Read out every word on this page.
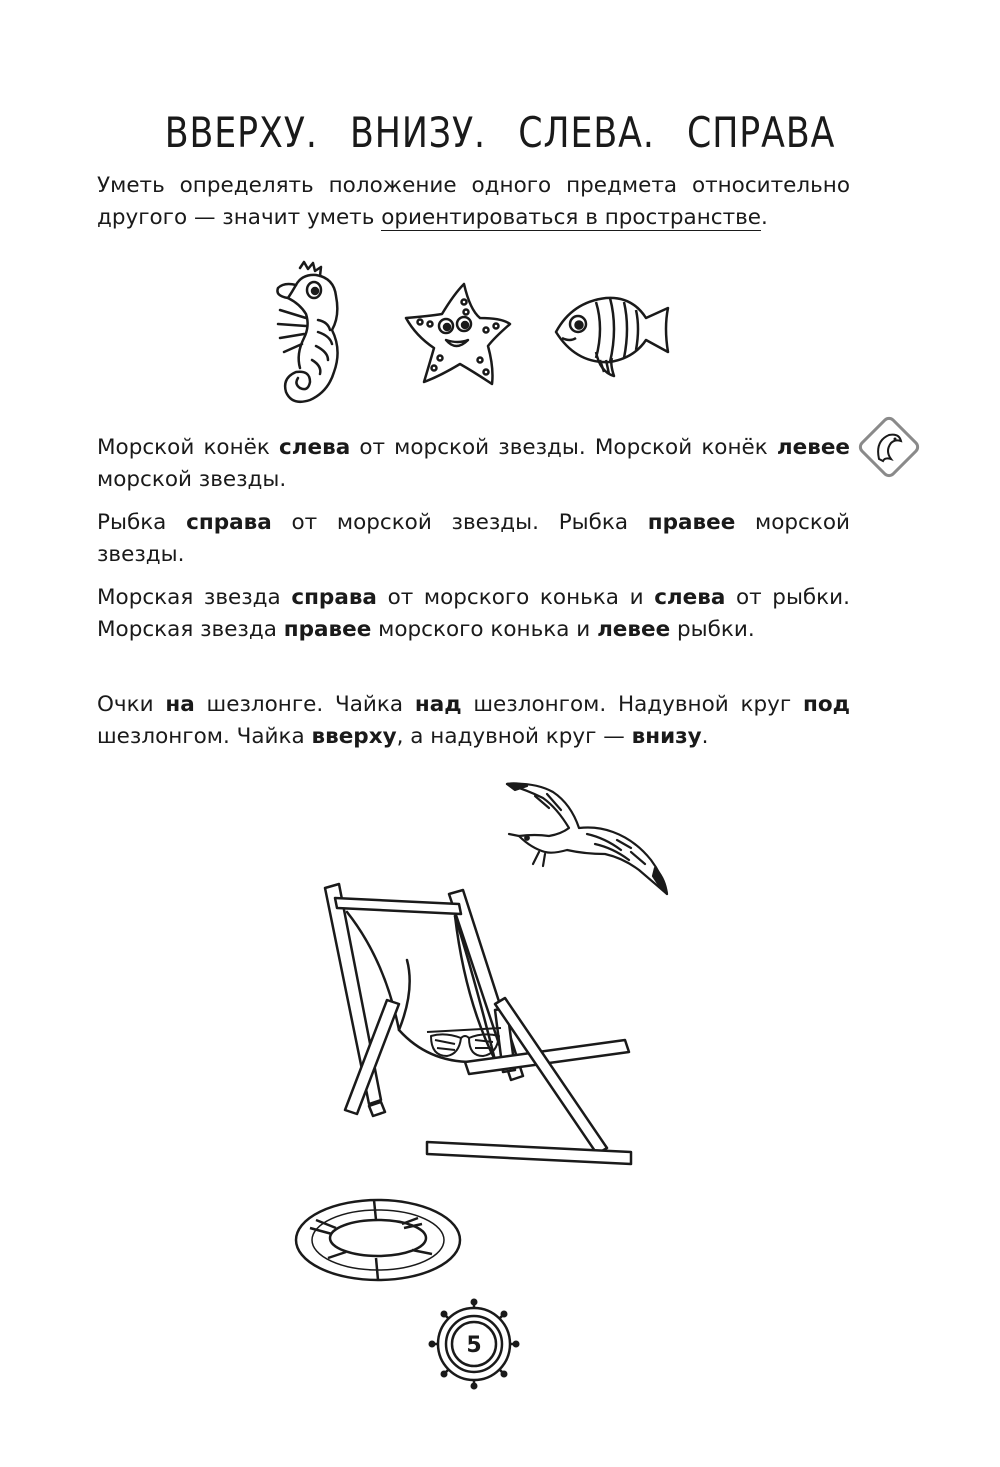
ВВЕРХУ. ВНИЗУ. СЛЕВА. СПРАВА
Уметь определять положение одного предмета относительно другого — значит уметь ориентироваться в пространстве.
Морской конёк слева от морской звезды. Морской конёк левее морской звезды.
Рыбка справа от морской звезды. Рыбка правее морской звезды.
Морская звезда справа от морского конька и слева от рыбки. Морская звезда правее морского конька и левее рыбки.
Очки на шезлонге. Чайка над шезлонгом. Надувной круг под шезлонгом. Чайка вверху, а надувной круг — внизу.
5
